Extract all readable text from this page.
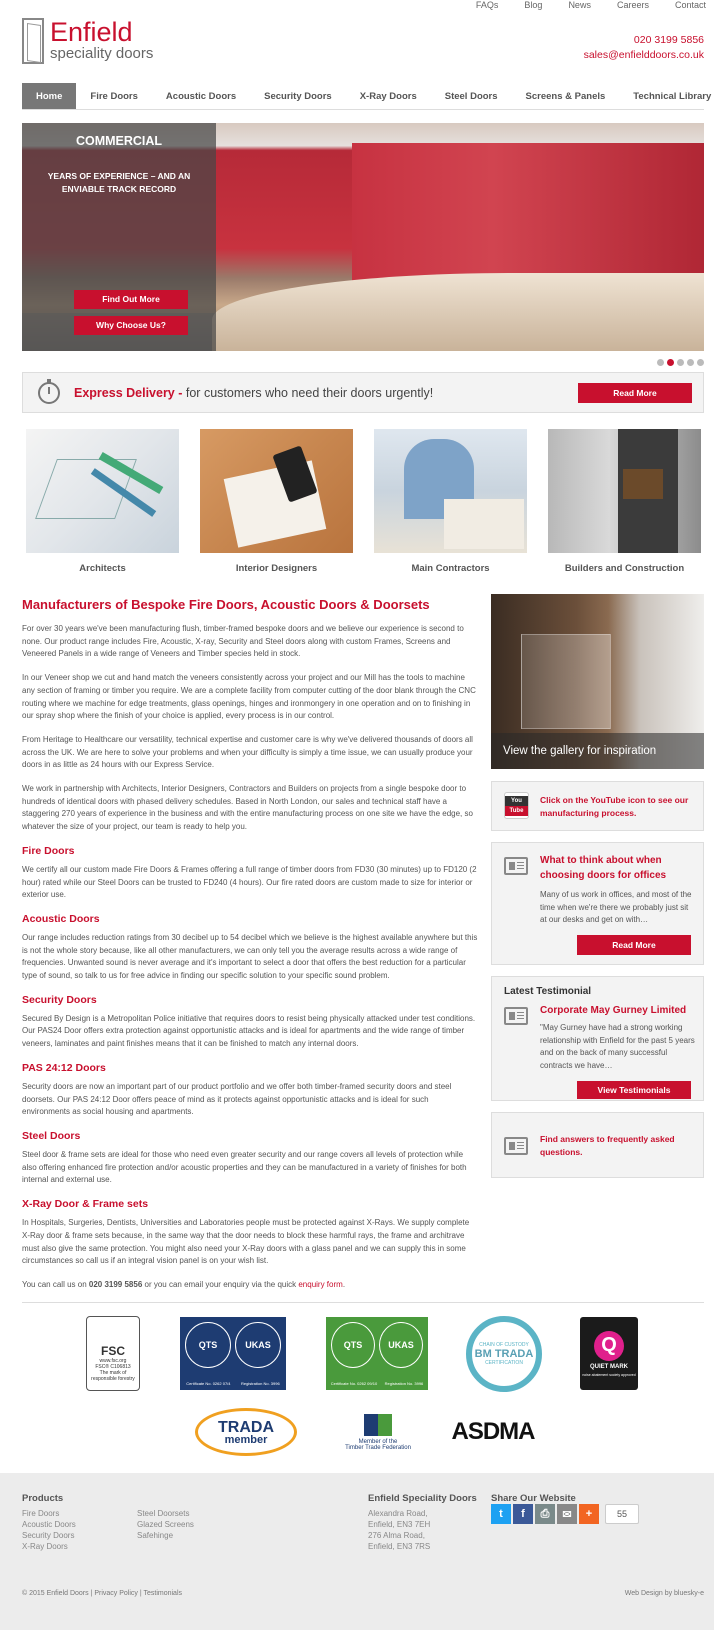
FAQs	Blog	News	Careers	Contact
Enfield
speciality doors
020 3199 5856
sales@enfielddoors.co.uk
Home	Fire Doors	Acoustic Doors	Security Doors	X-Ray Doors	Steel Doors	Screens & Panels	Technical Library
COMMERCIAL
YEARS OF EXPERIENCE – AND AN ENVIABLE TRACK RECORD
Find Out More
Why Choose Us?
Express Delivery - for customers who need their doors urgently!	Read More
Architects	Interior Designers	Main Contractors	Builders and Construction
Manufacturers of Bespoke Fire Doors, Acoustic Doors & Doorsets

For over 30 years we've been manufacturing flush, timber-framed bespoke doors and we believe our experience is second to none. Our product range includes Fire, Acoustic, X-ray, Security and Steel doors along with custom Frames, Screens and Veneered Panels in a wide range of Veneers and Timber species held in stock.

In our Veneer shop we cut and hand match the veneers consistently across your project and our Mill has the tools to machine any section of framing or timber you require. We are a complete facility from computer cutting of the door blank through the CNC routing where we machine for edge treatments, glass openings, hinges and ironmongery in one operation and on to finishing in our spray shop where the finish of your choice is applied, every process is in our control.

From Heritage to Healthcare our versatility, technical expertise and customer care is why we've delivered thousands of doors all across the UK. We are here to solve your problems and when your difficulty is simply a time issue, we can usually produce your doors in as little as 24 hours with our Express Service.

We work in partnership with Architects, Interior Designers, Contractors and Builders on projects from a single bespoke door to hundreds of identical doors with phased delivery schedules. Based in North London, our sales and technical staff have a staggering 270 years of experience in the business and with the entire manufacturing process on one site we have the edge, so whatever the size of your project, our team is ready to help you.

Fire Doors

We certify all our custom made Fire Doors & Frames offering a full range of timber doors from FD30 (30 minutes) up to FD120 (2 hour) rated while our Steel Doors can be trusted to FD240 (4 hours). Our fire rated doors are custom made to size for interior or exterior use.

Acoustic Doors

Our range includes reduction ratings from 30 decibel up to 54 decibel which we believe is the highest available anywhere but this is not the whole story because, like all other manufacturers, we can only tell you the average results across a wide range of frequencies. Unwanted sound is never average and it's important to select a door that offers the best reduction for a particular type of sound, so talk to us for free advice in finding our specific solution to your specific sound problem.

Security Doors

Secured By Design is a Metropolitan Police initiative that requires doors to resist being physically attacked under test conditions. Our PAS24 Door offers extra protection against opportunistic attacks and is ideal for apartments and the wide range of timber veneers, laminates and paint finishes means that it can be finished to match any internal doors.

PAS 24:12 Doors

Security doors are now an important part of our product portfolio and we offer both timber-framed security doors and steel doorsets. Our PAS 24:12 Door offers peace of mind as it protects against opportunistic attacks and is ideal for such environments as social housing and apartments.

Steel Doors

Steel door & frame sets are ideal for those who need even greater security and our range covers all levels of protection while also offering enhanced fire protection and/or acoustic properties and they can be manufactured in a variety of finishes for both internal and external use.

X-Ray Door & Frame sets

In Hospitals, Surgeries, Dentists, Universities and Laboratories people must be protected against X-Rays. We supply complete X-Ray door & frame sets because, in the same way that the door needs to block these harmful rays, the frame and architrave must also give the same protection. You might also need your X-Ray doors with a glass panel and we can supply this in some circumstances so call us if an integral vision panel is on your wish list.

You can call us on 020 3199 5856 or you can email your enquiry via the quick enquiry form.

View the gallery for inspiration
You
Tube
Click on the YouTube icon to see our manufacturing process.
What to think about when choosing doors for offices
Many of us work in offices, and most of the time when we're there we probably just sit at our desks and get on with…
Read More
Latest Testimonial
Corporate May Gurney Limited
"May Gurney have had a strong working relationship with Enfield for the past 5 years and on the back of many successful contracts we have…
View Testimonials
Find answers to frequently asked questions.
FSC
www.fsc.org
FSC® C106813
The mark of responsible forestry
QTS	UKAS
Certificate No. 0262 07/4	Registration No. 3996
QTS	UKAS
Certificate No. 0262 09/10 Registration No. 3996
CHAIN OF CUSTODY
BM TRADA
CERTIFICATION
Q
QUIET MARK
noise abatement society approved
TRADA
member	Member of the
Timber Trade Federation
ASDMA
Products
Fire Doors
Acoustic Doors
Security Doors
X-Ray Doors
Steel Doorsets
Glazed Screens
Safehinge
Enfield Speciality Doors
Alexandra Road,
Enfield, EN3 7EH
276 Alma Road,
Enfield, EN3 7RS
Share Our Website
t	f	⎙	✉	+	55
© 2015 Enfield Doors | Privacy Policy | Testimonials	Web Design by bluesky-e
